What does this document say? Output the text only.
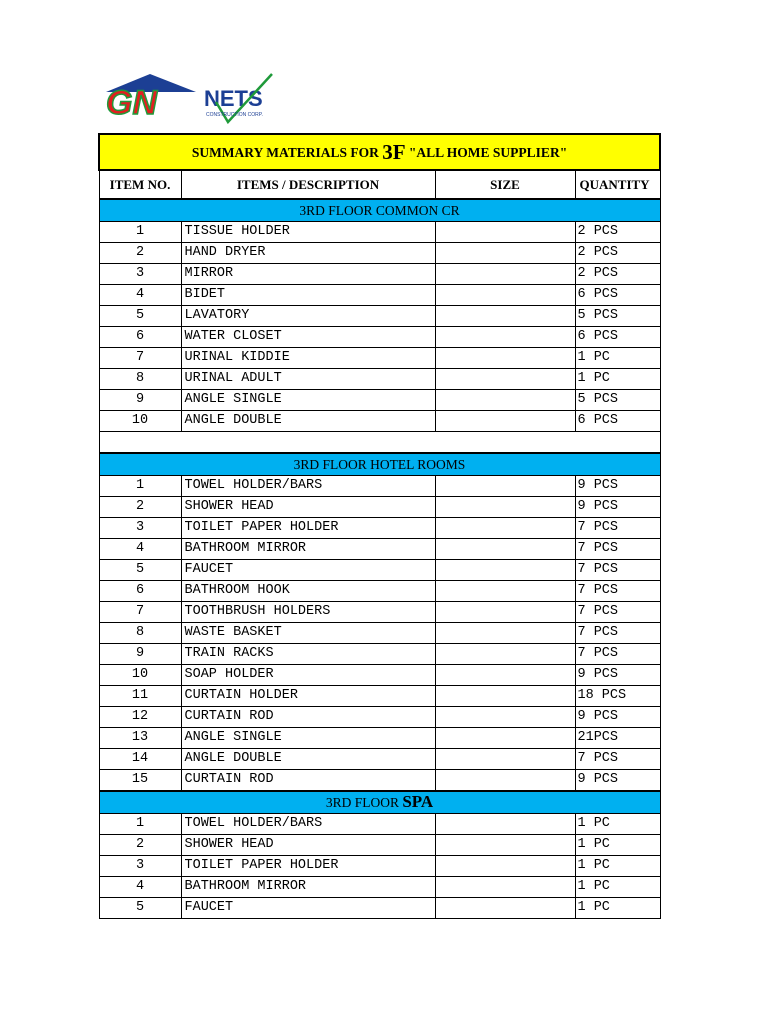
GN NETS
CONSTRUCTION CORP.
SUMMARY MATERIALS FOR 3F "ALL HOME SUPPLIER"			
ITEM NO.	ITEMS / DESCRIPTION	SIZE	QUANTITY
3RD FLOOR COMMON CR			
1	TISSUE HOLDER		2 PCS
2	HAND DRYER		2 PCS
3	MIRROR		2 PCS
4	BIDET		6 PCS
5	LAVATORY		5 PCS
6	WATER CLOSET		6 PCS
7	URINAL KIDDIE		1 PC
8	URINAL ADULT		1 PC
9	ANGLE SINGLE		5 PCS
10	ANGLE DOUBLE		6 PCS

3RD FLOOR HOTEL ROOMS			
1	TOWEL HOLDER/BARS		9 PCS
2	SHOWER HEAD		9 PCS
3	TOILET PAPER HOLDER		7 PCS
4	BATHROOM MIRROR		7 PCS
5	FAUCET		7 PCS
6	BATHROOM HOOK		7 PCS
7	TOOTHBRUSH HOLDERS		7 PCS
8	WASTE BASKET		7 PCS
9	TRAIN RACKS		7 PCS
10	SOAP HOLDER		9 PCS
11	CURTAIN HOLDER		18 PCS
12	CURTAIN ROD		9 PCS
13	ANGLE SINGLE		21PCS
14	ANGLE DOUBLE		7 PCS
15	CURTAIN ROD		9 PCS
3RD FLOOR SPA			
1	TOWEL HOLDER/BARS		1 PC
2	SHOWER HEAD		1 PC
3	TOILET PAPER HOLDER		1 PC
4	BATHROOM MIRROR		1 PC
5	FAUCET		1 PC
